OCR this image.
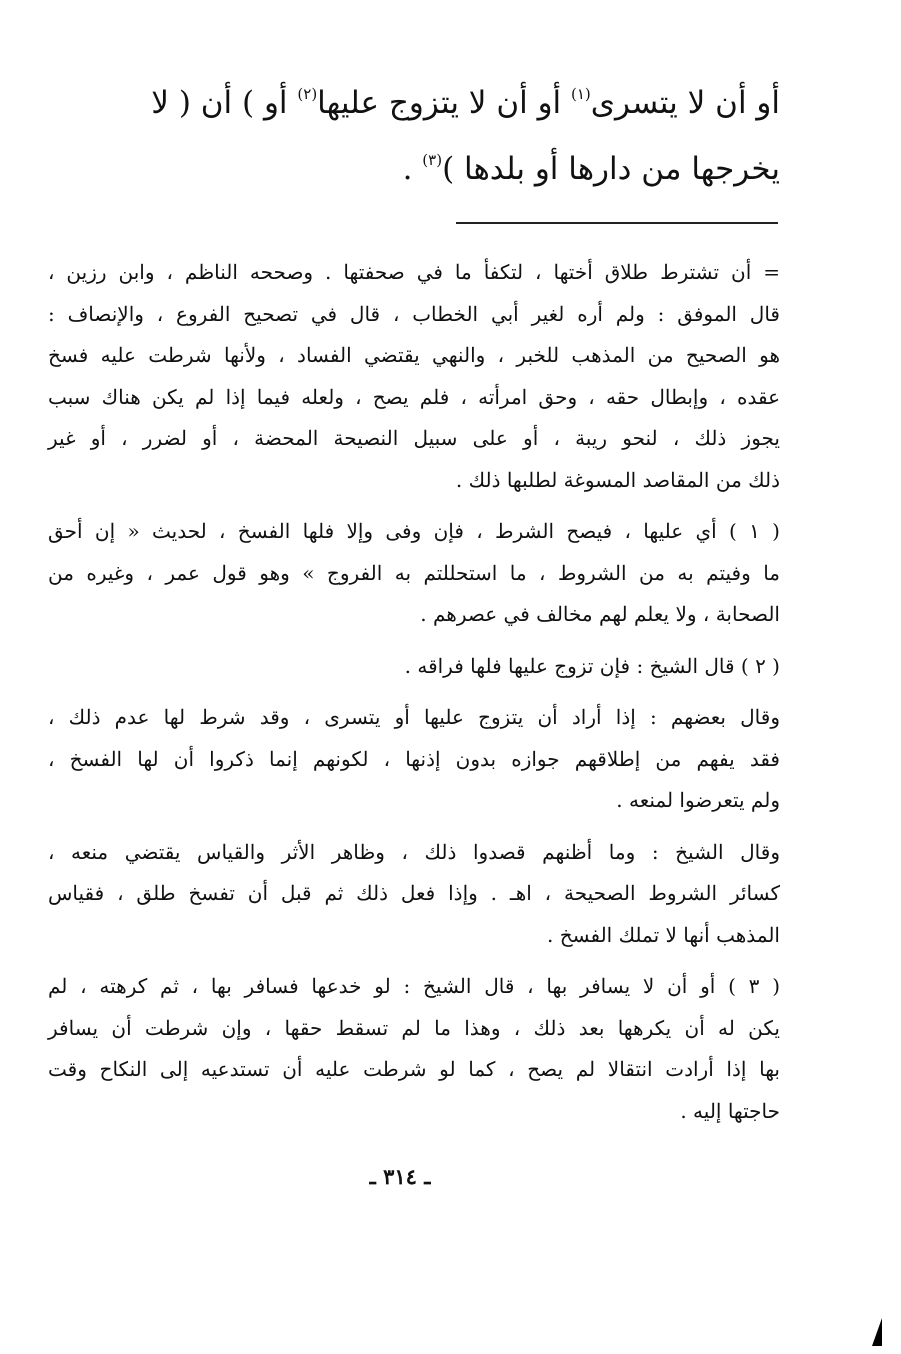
أو أن لا يتسرى$^{(١)}$ أو أن لا يتزوج عليها$^{(٢)}$ أو ) أن ( لا
يخرجها من دارها أو بلدها )$^{(٣)}$ .
= أن تشترط طلاق أختها ، لتكفأ ما في صحفتها . وصححه الناظم ، وابن رزين ،
قال الموفق : ولم أره لغير أبي الخطاب ، قال في تصحيح الفروع ، والإنصاف :
هو الصحيح من المذهب للخبر ، والنهي يقتضي الفساد ، ولأنها شرطت عليه فسخ
عقده ، وإبطال حقه ، وحق امرأته ، فلم يصح ، ولعله فيما إذا لم يكن هناك سبب
يجوز ذلك ، لنحو ريبة ، أو على سبيل النصيحة المحضة ، أو لضرر ، أو غير
ذلك من المقاصد المسوغة لطلبها ذلك .
( ١ ) أي عليها ، فيصح الشرط ، فإن وفى وإلا فلها الفسخ ، لحديث « إن أحق
ما وفيتم به من الشروط ، ما استحللتم به الفروج » وهو قول عمر ، وغيره من
الصحابة ، ولا يعلم لهم مخالف في عصرهم .
( ٢ ) قال الشيخ : فإن تزوج عليها فلها فراقه .
وقال بعضهم : إذا أراد أن يتزوج عليها أو يتسرى ، وقد شرط لها عدم ذلك ،
فقد يفهم من إطلاقهم جوازه بدون إذنها ، لكونهم إنما ذكروا أن لها الفسخ ،
ولم يتعرضوا لمنعه .
وقال الشيخ : وما أظنهم قصدوا ذلك ، وظاهر الأثر والقياس يقتضي منعه ،
كسائر الشروط الصحيحة ، اهـ . وإذا فعل ذلك ثم قبل أن تفسخ طلق ، فقياس
المذهب أنها لا تملك الفسخ .
( ٣ ) أو أن لا يسافر بها ، قال الشيخ : لو خدعها فسافر بها ، ثم كرهته ، لم
يكن له أن يكرهها بعد ذلك ، وهذا ما لم تسقط حقها ، وإن شرطت أن يسافر
بها إذا أرادت انتقالا لم يصح ، كما لو شرطت عليه أن تستدعيه إلى النكاح وقت
حاجتها إليه .
ـ ٣١٤ ـ
